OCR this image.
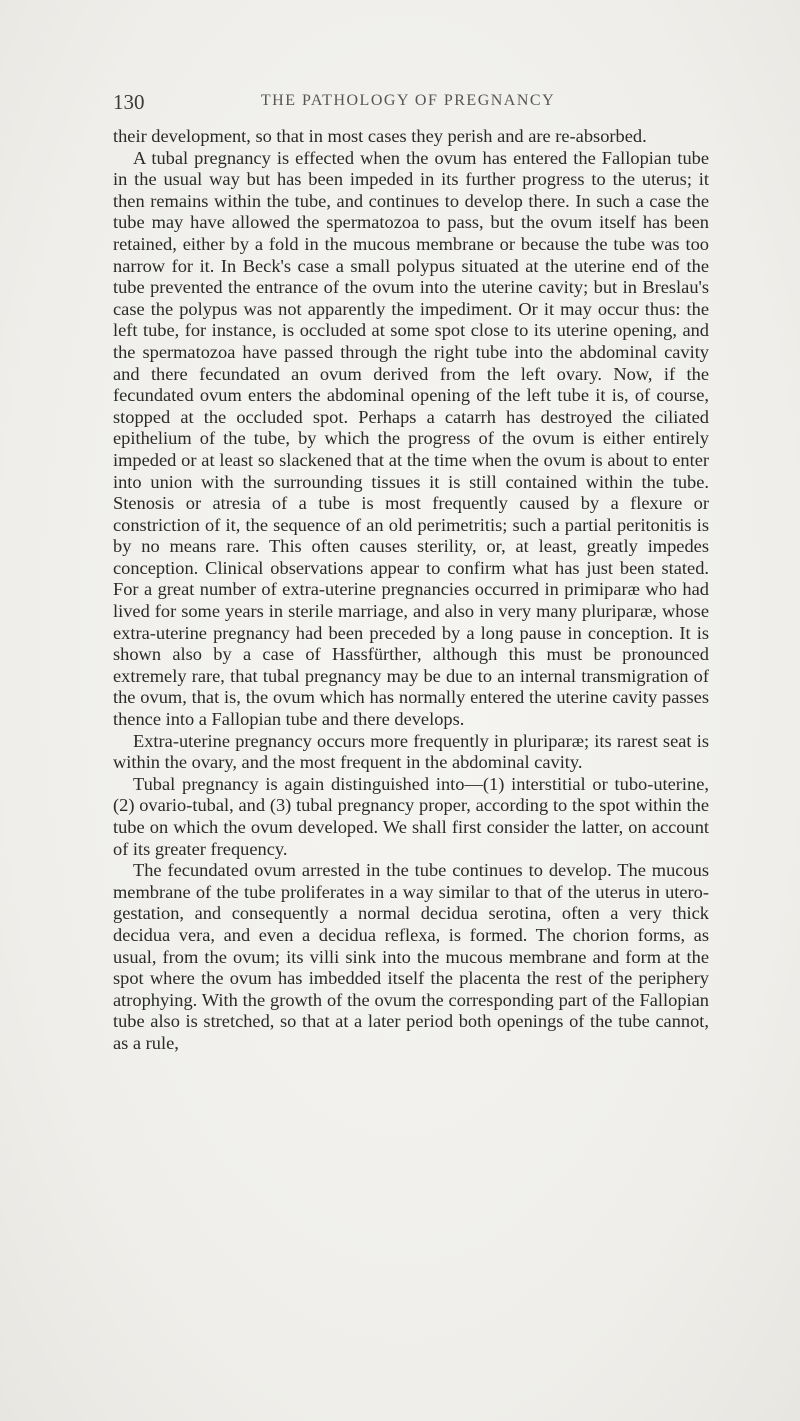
130	THE PATHOLOGY OF PREGNANCY

their development, so that in most cases they perish and are re-absorbed.

A tubal pregnancy is effected when the ovum has entered the Fallopian tube in the usual way but has been impeded in its further progress to the uterus; it then remains within the tube, and continues to develop there. In such a case the tube may have allowed the spermatozoa to pass, but the ovum itself has been retained, either by a fold in the mucous membrane or because the tube was too narrow for it. In Beck's case a small polypus situated at the uterine end of the tube prevented the entrance of the ovum into the uterine cavity; but in Breslau's case the polypus was not apparently the impediment. Or it may occur thus: the left tube, for instance, is occluded at some spot close to its uterine opening, and the spermatozoa have passed through the right tube into the abdominal cavity and there fecundated an ovum derived from the left ovary. Now, if the fecundated ovum enters the abdominal opening of the left tube it is, of course, stopped at the occluded spot. Perhaps a catarrh has destroyed the ciliated epithelium of the tube, by which the progress of the ovum is either entirely impeded or at least so slackened that at the time when the ovum is about to enter into union with the surrounding tissues it is still contained within the tube. Stenosis or atresia of a tube is most frequently caused by a flexure or constriction of it, the sequence of an old perimetritis; such a partial peritonitis is by no means rare. This often causes sterility, or, at least, greatly impedes conception. Clinical observations appear to confirm what has just been stated. For a great number of extra-uterine pregnancies occurred in primiparæ who had lived for some years in sterile marriage, and also in very many pluriparæ, whose extra-uterine pregnancy had been preceded by a long pause in conception. It is shown also by a case of Hassfürther, although this must be pronounced extremely rare, that tubal pregnancy may be due to an internal transmigration of the ovum, that is, the ovum which has normally entered the uterine cavity passes thence into a Fallopian tube and there develops.

Extra-uterine pregnancy occurs more frequently in pluriparæ; its rarest seat is within the ovary, and the most frequent in the abdominal cavity.

Tubal pregnancy is again distinguished into—(1) interstitial or tubo-uterine, (2) ovario-tubal, and (3) tubal pregnancy proper, according to the spot within the tube on which the ovum developed. We shall first consider the latter, on account of its greater frequency.

The fecundated ovum arrested in the tube continues to develop. The mucous membrane of the tube proliferates in a way similar to that of the uterus in utero-gestation, and consequently a normal decidua serotina, often a very thick decidua vera, and even a decidua reflexa, is formed. The chorion forms, as usual, from the ovum; its villi sink into the mucous membrane and form at the spot where the ovum has imbedded itself the placenta the rest of the periphery atrophying. With the growth of the ovum the corresponding part of the Fallopian tube also is stretched, so that at a later period both openings of the tube cannot, as a rule,
